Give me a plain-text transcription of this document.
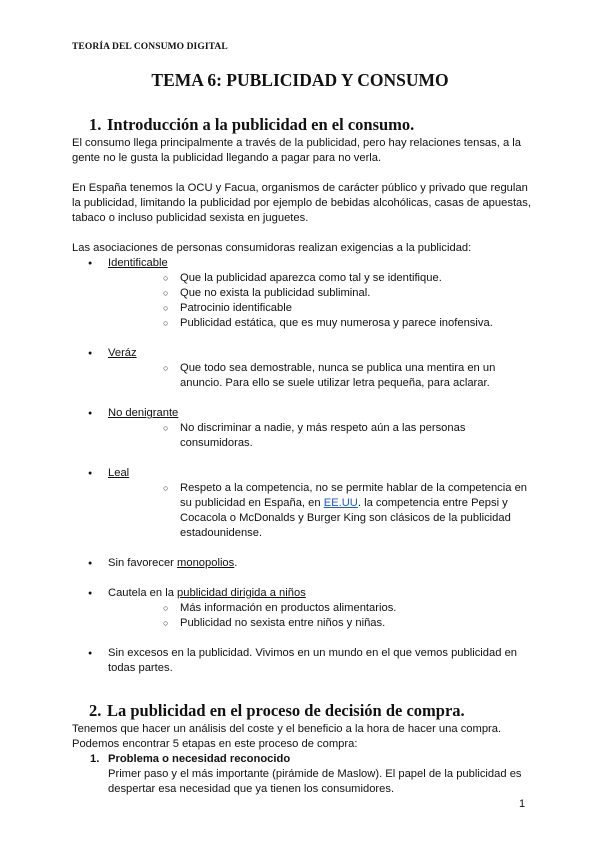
TEORÍA DEL CONSUMO DIGITAL
TEMA 6: PUBLICIDAD Y CONSUMO
1. Introducción a la publicidad en el consumo.

El consumo llega principalmente a través de la publicidad, pero hay relaciones tensas, a la gente no le gusta la publicidad llegando a pagar para no verla.

En España tenemos la OCU y Facua, organismos de carácter público y privado que regulan la publicidad, limitando la publicidad por ejemplo de bebidas alcohólicas, casas de apuestas, tabaco o incluso publicidad sexista en juguetes.

Las asociaciones de personas consumidoras realizan exigencias a la publicidad:

● Identificable
○ Que la publicidad aparezca como tal y se identifique.
○ Que no exista la publicidad subliminal.
○ Patrocinio identificable
○ Publicidad estática, que es muy numerosa y parece inofensiva.
● Veráz
○ Que todo sea demostrable, nunca se publica una mentira en un anuncio. Para ello se suele utilizar letra pequeña, para aclarar.
● No denigrante
○ No discriminar a nadie, y más respeto aún a las personas consumidoras.
● Leal
○ Respeto a la competencia, no se permite hablar de la competencia en su publicidad en España, en EE.UU. la competencia entre Pepsi y Cocacola o McDonalds y Burger King son clásicos de la publicidad estadounidense.
● Sin favorecer monopolios.
● Cautela en la publicidad dirigida a niños
○ Más información en productos alimentarios.
○ Publicidad no sexista entre niños y niñas.
● Sin excesos en la publicidad. Vivimos en un mundo en el que vemos publicidad en todas partes.
2. La publicidad en el proceso de decisión de compra.

Tenemos que hacer un análisis del coste y el beneficio a la hora de hacer una compra. Podemos encontrar 5 etapas en este proceso de compra:

1. Problema o necesidad reconocido
Primer paso y el más importante (pirámide de Maslow). El papel de la publicidad es despertar esa necesidad que ya tienen los consumidores.
1
